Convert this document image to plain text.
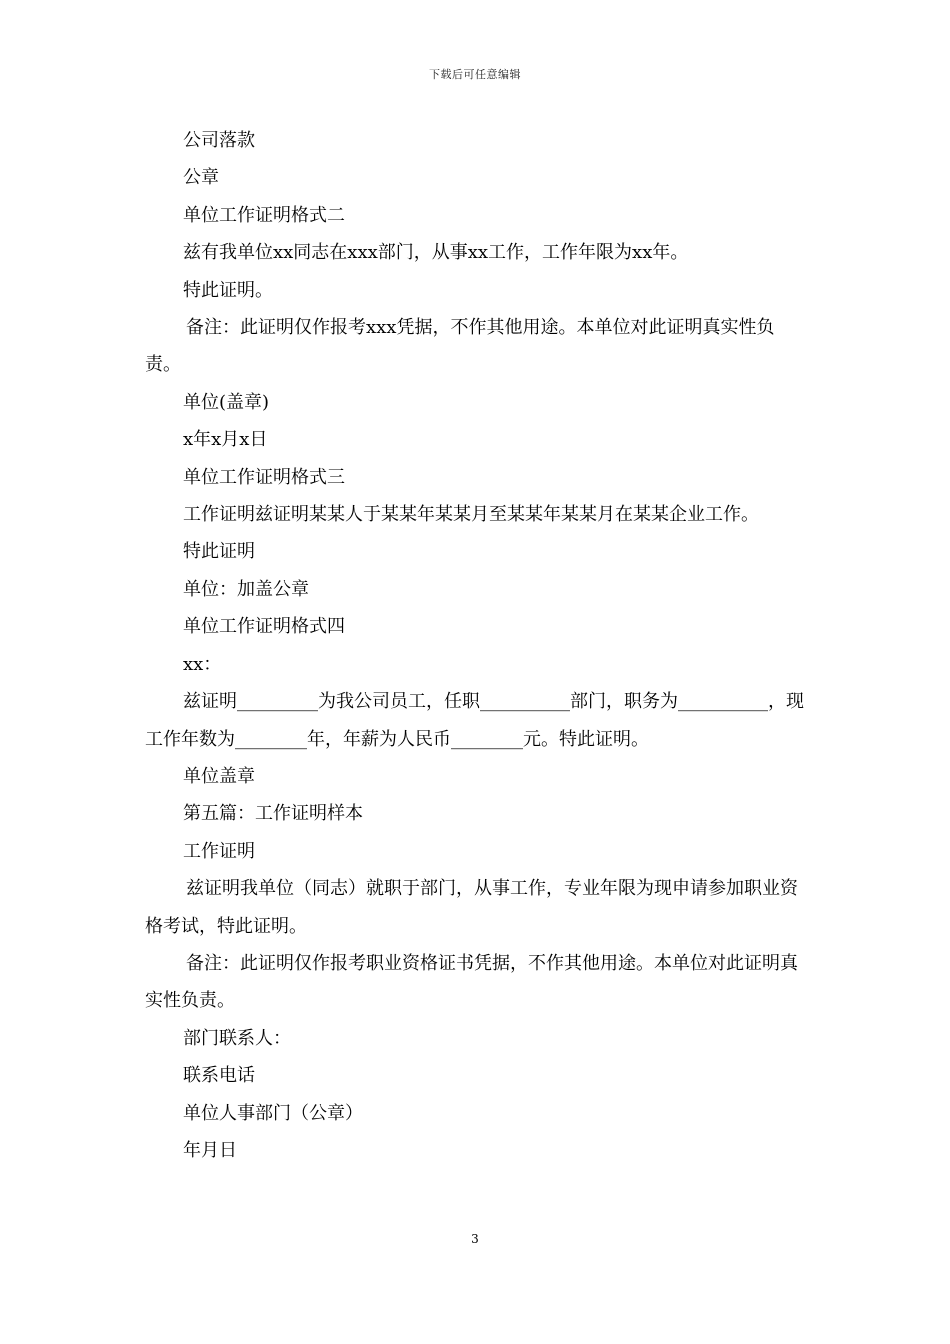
下载后可任意编辑

公司落款

公章

单位工作证明格式二

兹有我单位xx同志在xxx部门，从事xx工作，工作年限为xx年。

特此证明。

备注：此证明仅作报考xxx凭据，不作其他用途。本单位对此证明真实性负责。

单位(盖章)

x年x月x日

单位工作证明格式三

工作证明兹证明某某人于某某年某某月至某某年某某月在某某企业工作。

特此证明

单位：加盖公章

单位工作证明格式四

xx：

兹证明_________为我公司员工，任职__________部门，职务为__________，现工作年数为________年，年薪为人民币________元。特此证明。

单位盖章

第五篇：工作证明样本

工作证明

兹证明我单位（同志）就职于部门，从事工作，专业年限为现申请参加职业资格考试，特此证明。

备注：此证明仅作报考职业资格证书凭据，不作其他用途。本单位对此证明真实性负责。

部门联系人：

联系电话

单位人事部门（公章）

年月日

3
